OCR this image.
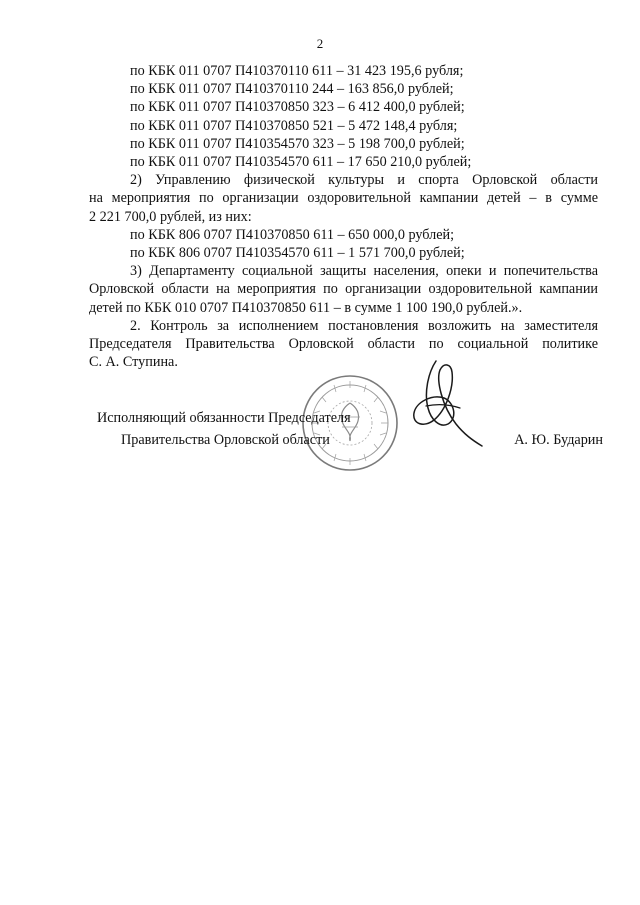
2
по КБК 011 0707 П410370110 611 – 31 423 195,6 рубля;
по КБК 011 0707 П410370110 244 – 163 856,0 рублей;
по КБК 011 0707 П410370850 323 – 6 412 400,0 рублей;
по КБК 011 0707 П410370850 521 – 5 472 148,4 рубля;
по КБК 011 0707 П410354570 323 – 5 198 700,0 рублей;
по КБК 011 0707 П410354570 611 – 17 650 210,0 рублей;
2) Управлению физической культуры и спорта Орловской области
на мероприятия по организации оздоровительной кампании детей – в сумме
2 221 700,0 рублей, из них:
по КБК 806 0707 П410370850 611 – 650 000,0 рублей;
по КБК 806 0707 П410354570 611 – 1 571 700,0 рублей;
3) Департаменту социальной защиты населения, опеки и попечительства
Орловской области на мероприятия по организации оздоровительной кампании
детей по КБК 010 0707 П410370850 611 – в сумме 1 100 190,0 рублей.».
2. Контроль за исполнением постановления возложить на заместителя
Председателя Правительства Орловской области по социальной политике
С. А. Ступина.
Исполняющий обязанности Председателя
Правительства Орловской области	А. Ю. Бударин
